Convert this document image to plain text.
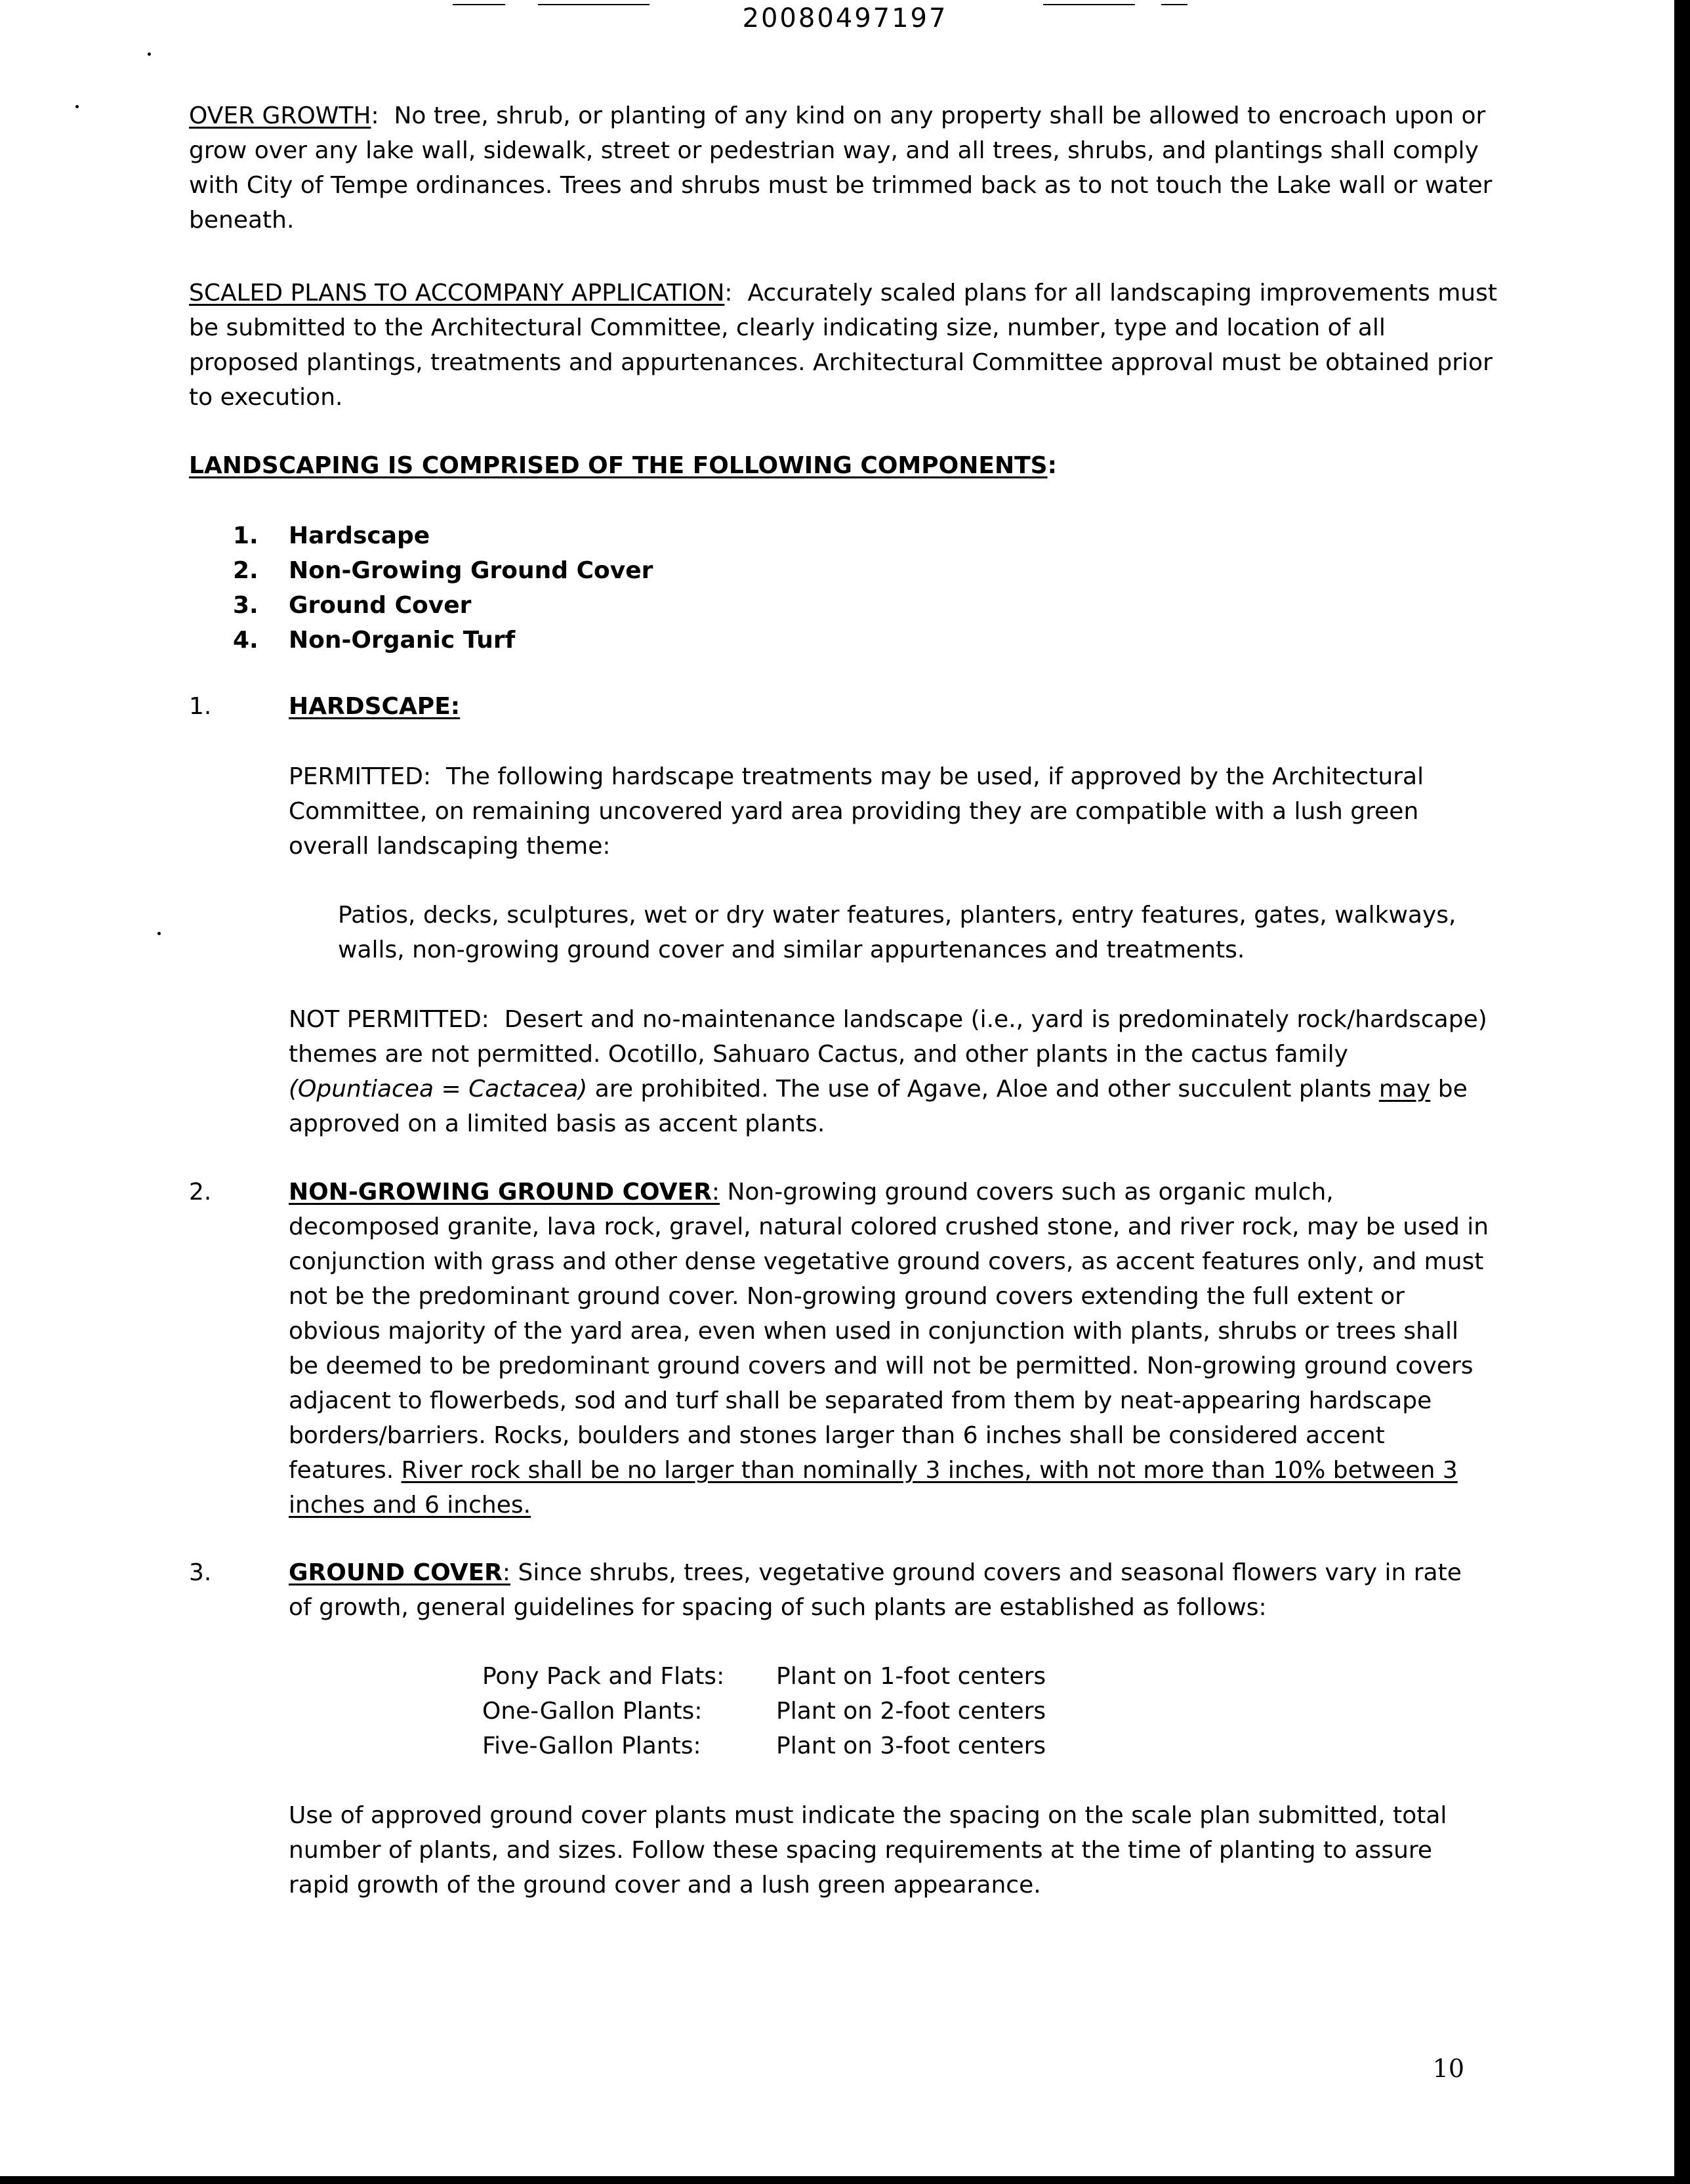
20080497197
OVER GROWTH:  No tree, shrub, or planting of any kind on any property shall be allowed to encroach upon or grow over any lake wall, sidewalk, street or pedestrian way, and all trees, shrubs, and plantings shall comply with City of Tempe ordinances. Trees and shrubs must be trimmed back as to not touch the Lake wall or water beneath.
SCALED PLANS TO ACCOMPANY APPLICATION:  Accurately scaled plans for all landscaping improvements must be submitted to the Architectural Committee, clearly indicating size, number, type and location of all proposed plantings, treatments and appurtenances. Architectural Committee approval must be obtained prior to execution.
LANDSCAPING IS COMPRISED OF THE FOLLOWING COMPONENTS:
1. Hardscape
2. Non-Growing Ground Cover
3. Ground Cover
4. Non-Organic Turf
1.	HARDSCAPE:
PERMITTED: The following hardscape treatments may be used, if approved by the Architectural Committee, on remaining uncovered yard area providing they are compatible with a lush green overall landscaping theme:
Patios, decks, sculptures, wet or dry water features, planters, entry features, gates, walkways, walls, non-growing ground cover and similar appurtenances and treatments.
NOT PERMITTED: Desert and no-maintenance landscape (i.e., yard is predominately rock/hardscape) themes are not permitted. Ocotillo, Sahuaro Cactus, and other plants in the cactus family (Opuntiacea = Cactacea) are prohibited. The use of Agave, Aloe and other succulent plants may be approved on a limited basis as accent plants.
2.	NON-GROWING GROUND COVER: Non-growing ground covers such as organic mulch, decomposed granite, lava rock, gravel, natural colored crushed stone, and river rock, may be used in conjunction with grass and other dense vegetative ground covers, as accent features only, and must not be the predominant ground cover. Non-growing ground covers extending the full extent or obvious majority of the yard area, even when used in conjunction with plants, shrubs or trees shall be deemed to be predominant ground covers and will not be permitted. Non-growing ground covers adjacent to flowerbeds, sod and turf shall be separated from them by neat-appearing hardscape borders/barriers. Rocks, boulders and stones larger than 6 inches shall be considered accent features. River rock shall be no larger than nominally 3 inches, with not more than 10% between 3 inches and 6 inches.
3.	GROUND COVER: Since shrubs, trees, vegetative ground covers and seasonal flowers vary in rate of growth, general guidelines for spacing of such plants are established as follows:
Pony Pack and Flats: Plant on 1-foot centers
One-Gallon Plants:	Plant on 2-foot centers
Five-Gallon Plants:	Plant on 3-foot centers
Use of approved ground cover plants must indicate the spacing on the scale plan submitted, total number of plants, and sizes. Follow these spacing requirements at the time of planting to assure rapid growth of the ground cover and a lush green appearance.
10
